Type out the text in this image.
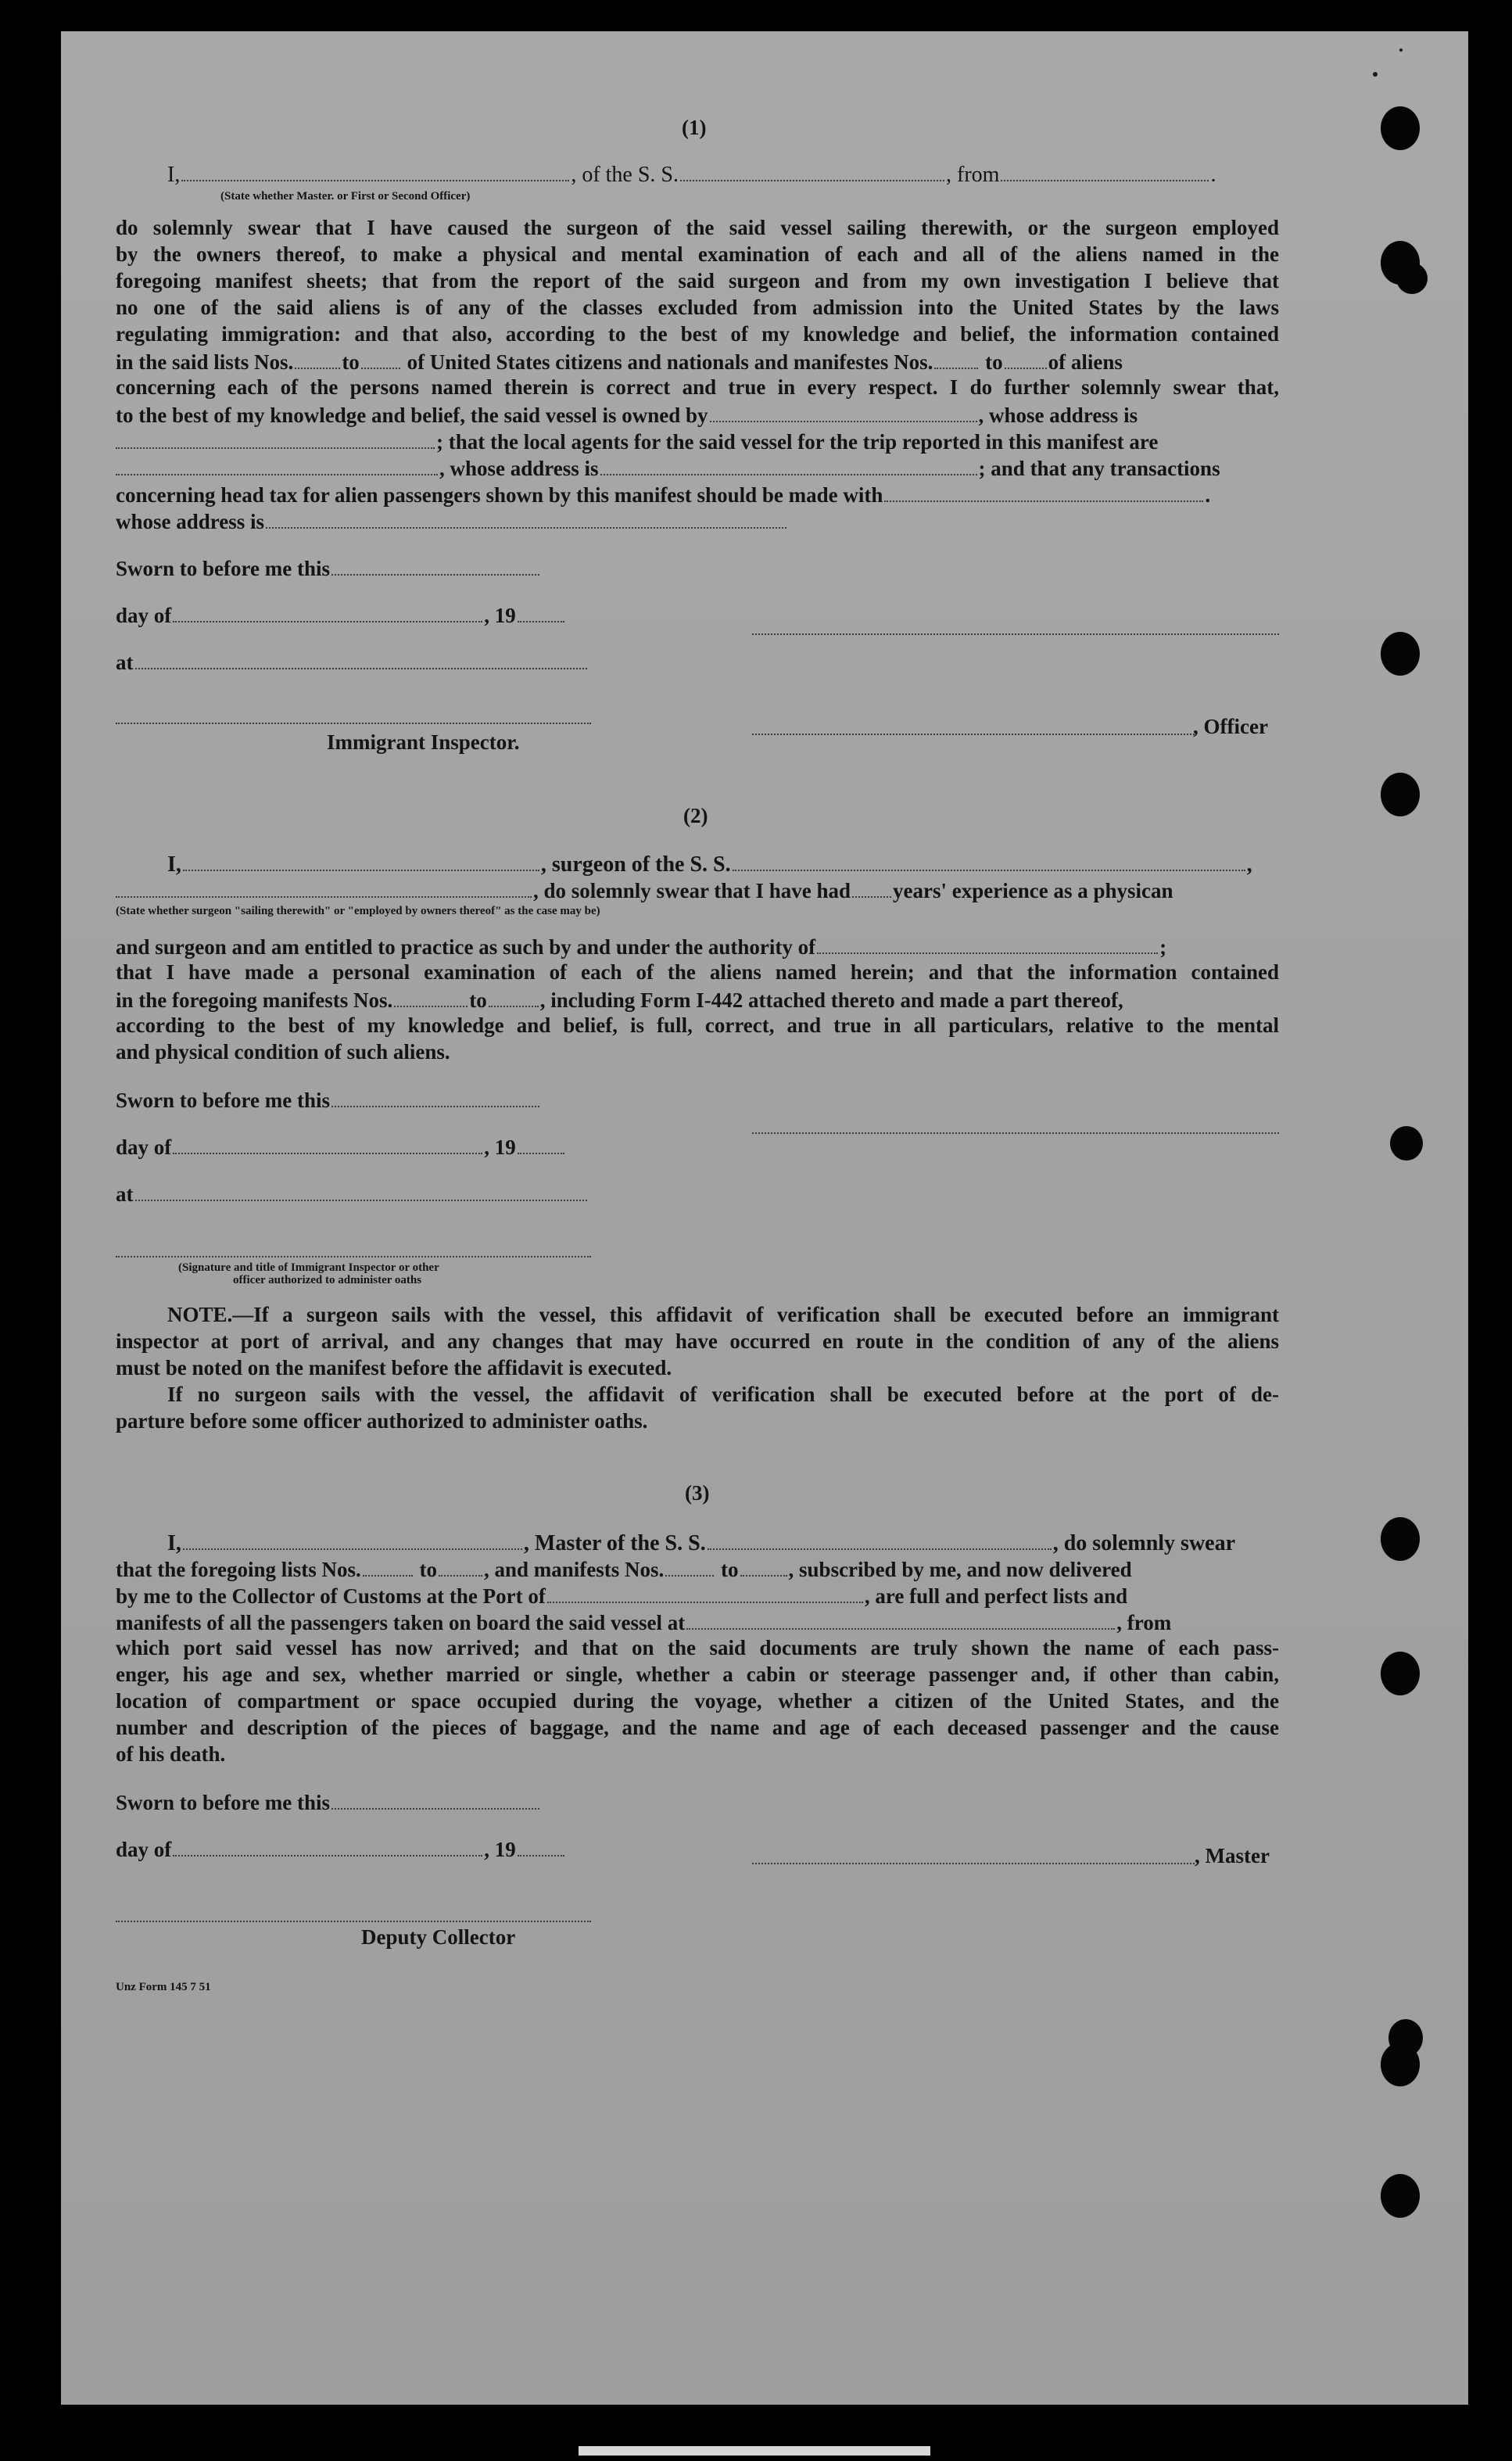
(1)
I,	, of the S. S.	, from	.
(State whether Master. or First or Second Officer)
do solemnly swear that I have caused the surgeon of the said vessel sailing therewith, or the surgeon employed
by the owners thereof, to make a physical and mental examination of each and all of the aliens named in the
foregoing manifest sheets; that from the report of the said surgeon and from my own investigation I believe that
no one of the said aliens is of any of the classes excluded from admission into the United States by the laws
regulating immigration: and that also, according to the best of my knowledge and belief, the information contained
in the said lists Nos. to of United States citizens and nationals and manifestes Nos. to of aliens
concerning each of the persons named therein is correct and true in every respect. I do further solemnly swear that,
to the best of my knowledge and belief, the said vessel is owned by	, whose address is
; that the local agents for the said vessel for the trip reported in this manifest are
, whose address is	; and that any transactions
concerning head tax for alien passengers shown by this manifest should be made with	.
whose address is
Sworn to before me this
day of	, 19
at
, Officer
Immigrant Inspector.
(2)
I,	, surgeon of the S. S.	,
, do solemnly swear that I have had years' experience as a physican
(State whether surgeon "sailing therewith" or "employed by owners thereof" as the case may be)
and surgeon and am entitled to practice as such by and under the authority of	;
that I have made a personal examination of each of the aliens named herein; and that the information contained
in the foregoing manifests Nos.	to	, including Form I-442 attached thereto and made a part thereof,
according to the best of my knowledge and belief, is full, correct, and true in all particulars, relative to the mental
and physical condition of such aliens.
Sworn to before me this
day of	, 19
at
(Signature and title of Immigrant Inspector or other
officer authorized to administer oaths
NOTE.—If a surgeon sails with the vessel, this affidavit of verification shall be executed before an immigrant
inspector at port of arrival, and any changes that may have occurred en route in the condition of any of the aliens
must be noted on the manifest before the affidavit is executed.
If no surgeon sails with the vessel, the affidavit of verification shall be executed before at the port of de-
parture before some officer authorized to administer oaths.
(3)
I,	, Master of the S. S.	, do solemnly swear
that the foregoing lists Nos.	to , and manifests Nos.	to , subscribed by me, and now delivered
by me to the Collector of Customs at the Port of	, are full and perfect lists and
manifests of all the passengers taken on board the said vessel at	, from
which port said vessel has now arrived; and that on the said documents are truly shown the name of each pass-
enger, his age and sex, whether married or single, whether a cabin or steerage passenger and, if other than cabin,
location of compartment or space occupied during the voyage, whether a citizen of the United States, and the
number and description of the pieces of baggage, and the name and age of each deceased passenger and the cause
of his death.
Sworn to before me this
day of	, 19	, Master
Deputy Collector
Unz Form 145 7 51
